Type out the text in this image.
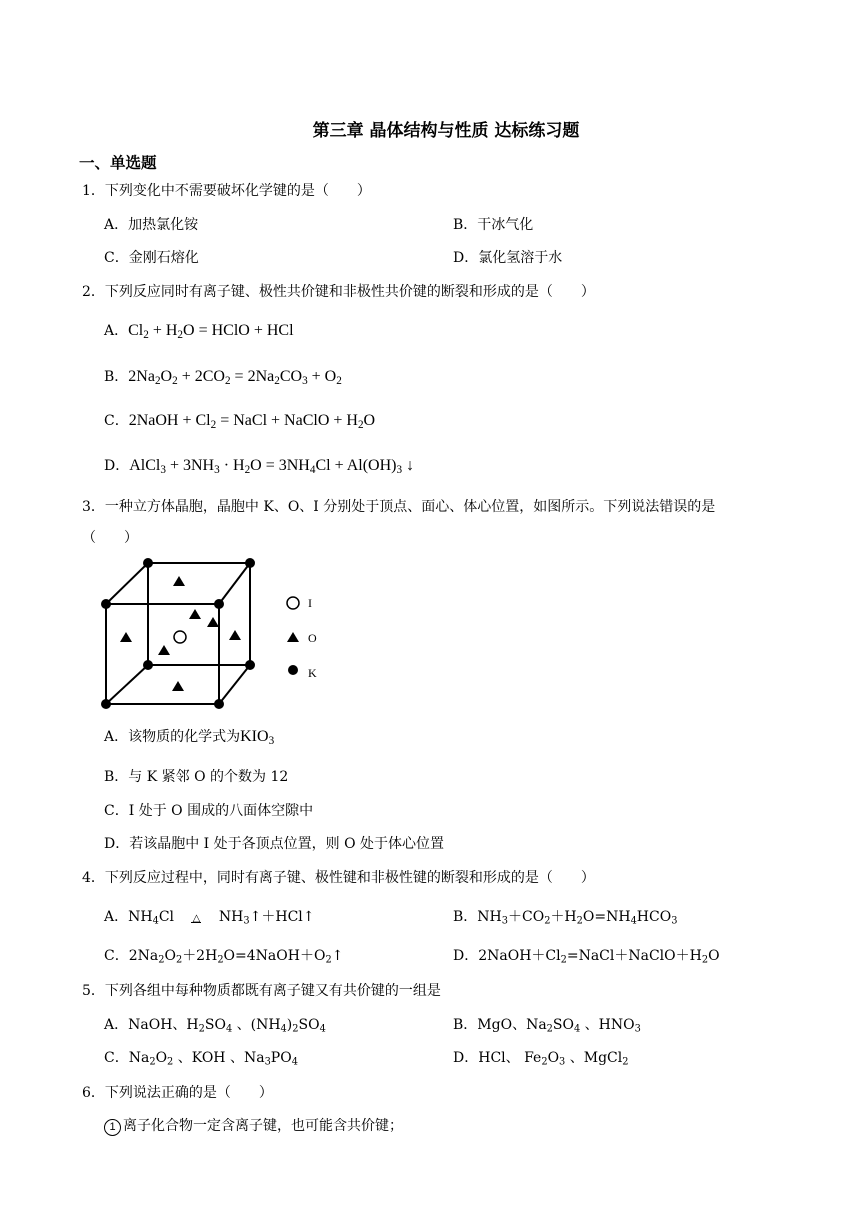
第三章 晶体结构与性质 达标练习题
一、单选题
1．下列变化中不需要破坏化学键的是（　　）
A．加热氯化铵	B．干冰气化
C．金刚石熔化	D．氯化氢溶于水
2．下列反应同时有离子键、极性共价键和非极性共价键的断裂和形成的是（　　）
A．$Cl_2 + H_2O$ = HClO + HCl
B．$2Na_2O_2 + 2CO_2 = 2Na_2CO_3 + O_2$
C．2NaOH + $Cl_2$ = NaCl + NaClO + $H_2O$
D．AlCl$_3$ + $3NH_3 \cdot H_2O = 3NH_4Cl + Al(OH)_3$ ↓
3．一种立方体晶胞，晶胞中 K、O、I 分别处于顶点、面心、体心位置，如图所示。下列说法错误的是
（　　）
I
O
K
A．该物质的化学式为$KIO_3$
B．与 K 紧邻 O 的个数为 12
C．I 处于 O 围成的八面体空隙中
D．若该晶胞中 I 处于各顶点位置，则 O 处于体心位置
4．下列反应过程中，同时有离子键、极性键和非极性键的断裂和形成的是（　　）
A．$NH_4Cl$ △
$NH_3↑+HCl↑$	B．$NH_3+CO_2+H_2O=NH_4HCO_3$
C．$2Na_2O_2+2H_2O=4NaOH+O_2↑$	D．$2NaOH+Cl_2=NaCl+NaClO+H_2O$
5．下列各组中每种物质都既有离子键又有共价键的一组是
A．NaOH、$H_2SO_4$ 、$(NH_4)_2SO_4$	B．MgO、$Na_2SO_4$ 、$HNO_3$
C．$Na_2O_2$ 、KOH 、$Na_3PO_4$	D．HCl、 $Fe_2O_3$ 、MgCl$_2$
6．下列说法正确的是（　　）
1 离子化合物一定含离子键，也可能含共价键；
